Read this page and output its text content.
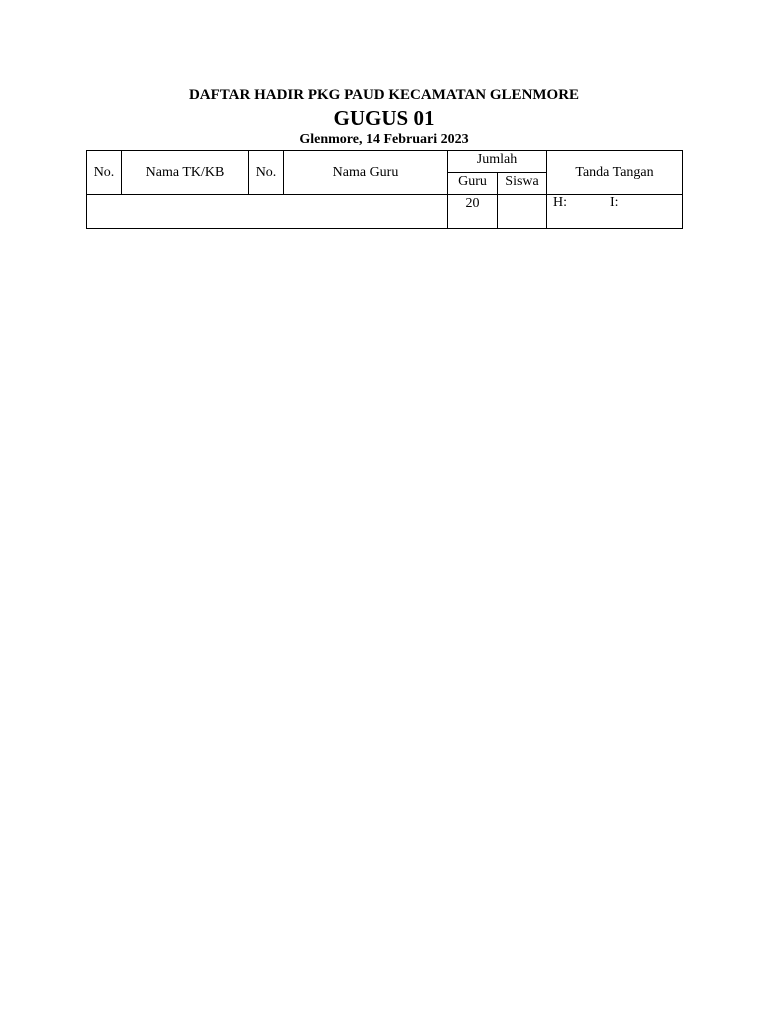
DAFTAR HADIR PKG PAUD KECAMATAN GLENMORE
GUGUS 01
Glenmore, 14 Februari 2023
No.	Nama TK/KB	No.	Nama Guru	Jumlah		Tanda Tangan
				Guru	Siswa	
				20		H: I:
